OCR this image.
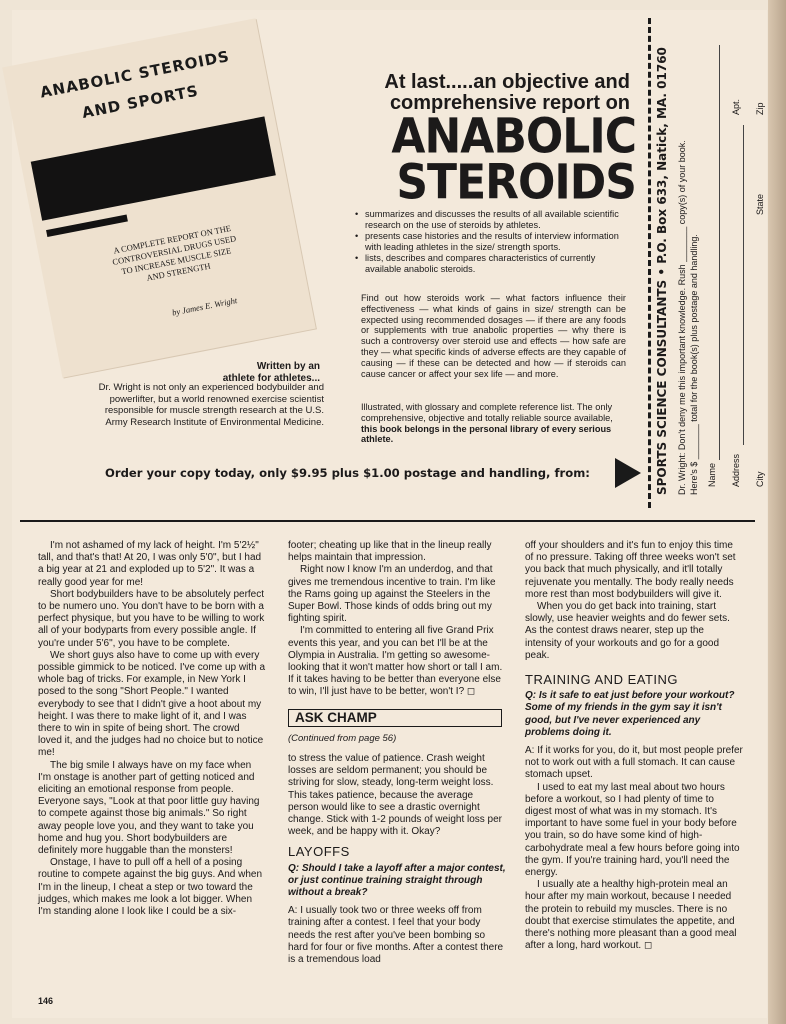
ANABOLIC STEROIDS
AND SPORTS
A COMPLETE REPORT ON THE
CONTROVERSIAL DRUGS USED
TO INCREASE MUSCLE SIZE
AND STRENGTH
by James E. Wright
Written by an
athlete for athletes...
Dr. Wright is not only an experienced bodybuilder and powerlifter, but a world renowned exercise scientist responsible for muscle strength research at the U.S. Army Research Institute of Environmental Medicine.
At last.....an objective and
comprehensive report on
ANABOLIC
STEROIDS
• summarizes and discusses the results of all available scientific research on the use of steroids by athletes.
• presents case histories and the results of interview information with leading athletes in the size/ strength sports.
• lists, describes and compares characteristics of currently available anabolic steroids.
Find out how steroids work — what factors influence their effectiveness — what kinds of gains in size/ strength can be expected using recommended dosages — if there are any foods or supplements with true anabolic properties — why there is such a controversy over steroid use and effects — how safe are they — what specific kinds of adverse effects are they capable of causing — if these can be detected and how — if steroids can cause cancer or affect your sex life — and more.
Illustrated, with glossary and complete reference list. The only comprehensive, objective and totally reliable source available, this book belongs in the personal library of every serious athlete.
Order your copy today, only $9.95 plus $1.00 postage and handling, from:	SPORTS SCIENCE CONSULTANTS • P.O. Box 633, Natick, MA. 01760 Dr. Wright: Don't deny me this important knowledge. Rush _______ copy(s) of your book. Here's $ _______ total for the book(s) plus postage and handling. Name Address
Apt.
City
State
Zip

I'm not ashamed of my lack of height. I'm 5'2½" tall, and that's that! At 20, I was only 5'0", but I had a big year at 21 and exploded up to 5'2". It was a really good year for me!

Short bodybuilders have to be absolutely perfect to be numero uno. You don't have to be born with a perfect physique, but you have to be willing to work all of your bodyparts from every possible angle. If you're under 5'6", you have to be complete.

We short guys also have to come up with every possible gimmick to be noticed. I've come up with a whole bag of tricks. For example, in New York I posed to the song "Short People." I wanted everybody to see that I didn't give a hoot about my height. I was there to make light of it, and I was there to win in spite of being short. The crowd loved it, and the judges had no choice but to notice me!

The big smile I always have on my face when I'm onstage is another part of getting noticed and eliciting an emotional response from people. Everyone says, "Look at that poor little guy having to compete against those big animals." So right away people love you, and they want to take you home and hug you. Short bodybuilders are definitely more huggable than the monsters!

Onstage, I have to pull off a hell of a posing routine to compete against the big guys. And when I'm in the lineup, I cheat a step or two toward the judges, which makes me look a lot bigger. When I'm standing alone I look like I could be a six-

footer; cheating up like that in the lineup really helps maintain that impression.

Right now I know I'm an underdog, and that gives me tremendous incentive to train. I'm like the Rams going up against the Steelers in the Super Bowl. Those kinds of odds bring out my fighting spirit.

I'm committed to entering all five Grand Prix events this year, and you can bet I'll be at the Olympia in Australia. I'm getting so awesome-looking that it won't matter how short or tall I am. If it takes having to be better than everyone else to win, I'll just have to be better, won't I? ◻

ASK CHAMP
(Continued from page 56)

to stress the value of patience. Crash weight losses are seldom permanent; you should be striving for slow, steady, long-term weight loss. This takes patience, because the average person would like to see a drastic overnight change. Stick with 1-2 pounds of weight loss per week, and be happy with it. Okay?

LAYOFFS

Q: Should I take a layoff after a major contest, or just continue training straight through without a break?

A: I usually took two or three weeks off from training after a contest. I feel that your body needs the rest after you've been bombing so hard for four or five months. After a contest there is a tremendous load

off your shoulders and it's fun to enjoy this time of no pressure. Taking off three weeks won't set you back that much physically, and it'll totally rejuvenate you mentally. The body really needs more rest than most bodybuilders will give it.

When you do get back into training, start slowly, use heavier weights and do fewer sets. As the contest draws nearer, step up the intensity of your workouts and go for a good peak.

TRAINING AND EATING

Q: Is it safe to eat just before your workout? Some of my friends in the gym say it isn't good, but I've never experienced any problems doing it.

A: If it works for you, do it, but most people prefer not to work out with a full stomach. It can cause stomach upset.

I used to eat my last meal about two hours before a workout, so I had plenty of time to digest most of what was in my stomach. It's important to have some fuel in your body before you train, so do have some kind of high-carbohydrate meal a few hours before going into the gym. If you're training hard, you'll need the energy.

I usually ate a healthy high-protein meal an hour after my main workout, because I needed the protein to rebuild my muscles. There is no doubt that exercise stimulates the appetite, and there's nothing more pleasant than a good meal after a long, hard workout. ◻

146
